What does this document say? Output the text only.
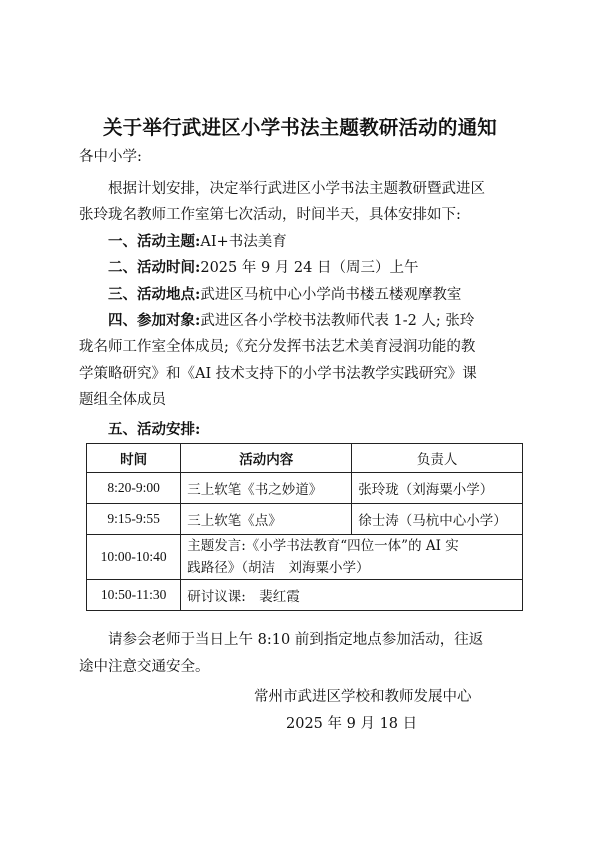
关于举行武进区小学书法主题教研活动的通知
各中小学:
根据计划安排，决定举行武进区小学书法主题教研暨武进区
张玲珑名教师工作室第七次活动，时间半天，具体安排如下:
一、活动主题:AI+书法美育
二、活动时间:2025 年 9 月 24 日（周三）上午
三、活动地点:武进区马杭中心小学尚书楼五楼观摩教室
四、参加对象:武进区各小学校书法教师代表 1-2 人; 张玲
珑名师工作室全体成员;《充分发挥书法艺术美育浸润功能的教
学策略研究》和《AI 技术支持下的小学书法教学实践研究》课
题组全体成员
五、活动安排:
时间	活动内容	负责人
8:20-9:00	三上软笔《书之妙道》	张玲珑（刘海粟小学）
9:15-9:55	三上软笔《点》	徐士涛（马杭中心小学）
10:00-10:40	主题发言:《小学书法教育“四位一体”的 AI 实
践路径》（胡洁　刘海粟小学）	

10:50-11:30	研讨议课:　裴红霞	
请参会老师于当日上午 8:10 前到指定地点参加活动，往返
途中注意交通安全。
常州市武进区学校和教师发展中心
2025 年 9 月 18 日
